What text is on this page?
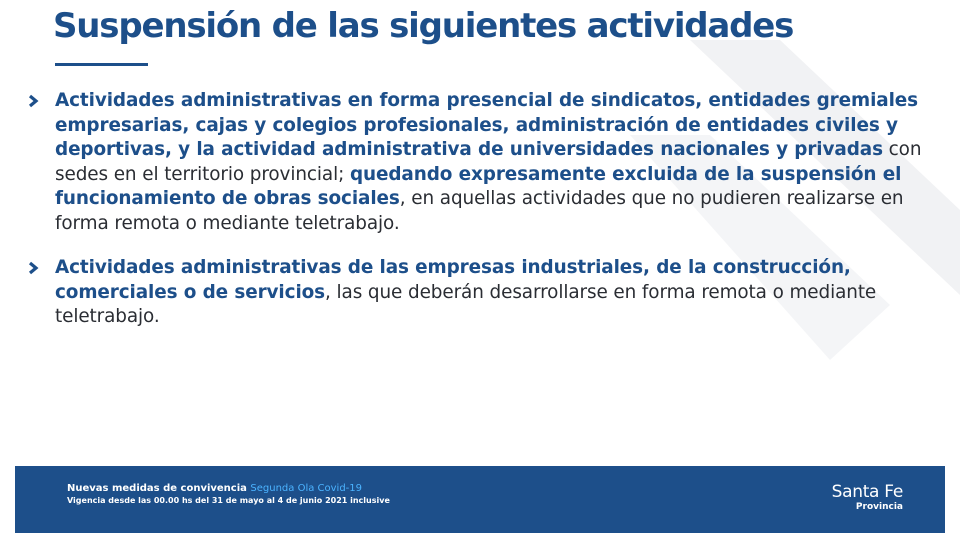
Suspensión de las siguientes actividades
Actividades administrativas en forma presencial de sindicatos, entidades gremiales empresarias, cajas y colegios profesionales, administración de entidades civiles y deportivas, y la actividad administrativa de universidades nacionales y privadas con sedes en el territorio provincial; quedando expresamente excluida de la suspensión el funcionamiento de obras sociales, en aquellas actividades que no pudieren realizarse en forma remota o mediante teletrabajo.
Actividades administrativas de las empresas industriales, de la construcción, comerciales o de servicios, las que deberán desarrollarse en forma remota o mediante teletrabajo.
Nuevas medidas de convivencia Segunda Ola Covid-19
Vigencia desde las 00.00 hs del 31 de mayo al 4 de junio 2021 inclusive	Santa Fe
Provincia
